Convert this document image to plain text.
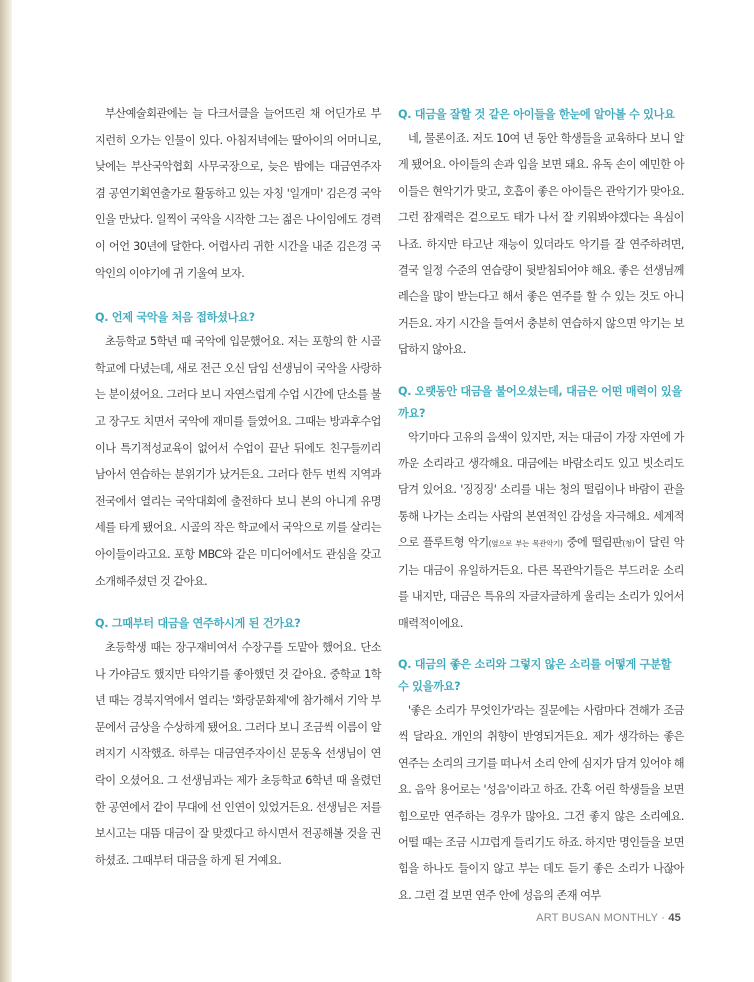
부산예술회관에는 늘 다크서클을 늘어뜨린 채 어딘가로 부지런히 오가는 인물이 있다. 아침저녁에는 딸아이의 어머니로, 낮에는 부산국악협회 사무국장으로, 늦은 밤에는 대금연주자 겸 공연기획연출가로 활동하고 있는 자칭 '일개미' 김은경 국악인을 만났다. 일찍이 국악을 시작한 그는 젊은 나이임에도 경력이 어언 30년에 달한다. 어렵사리 귀한 시간을 내준 김은경 국악인의 이야기에 귀 기울여 보자.

Q. 언제 국악을 처음 접하셨나요?

초등학교 5학년 때 국악에 입문했어요. 저는 포항의 한 시골 학교에 다녔는데, 새로 전근 오신 담임 선생님이 국악을 사랑하는 분이셨어요. 그러다 보니 자연스럽게 수업 시간에 단소를 불고 장구도 치면서 국악에 재미를 들였어요. 그때는 방과후수업이나 특기적성교육이 없어서 수업이 끝난 뒤에도 친구들끼리 남아서 연습하는 분위기가 났거든요. 그러다 한두 번씩 지역과 전국에서 열리는 국악대회에 출전하다 보니 본의 아니게 유명세를 타게 됐어요. 시골의 작은 학교에서 국악으로 끼를 살리는 아이들이라고요. 포항 MBC와 같은 미디어에서도 관심을 갖고 소개해주셨던 것 같아요.

Q. 그때부터 대금을 연주하시게 된 건가요?

초등학생 때는 장구재비여서 수장구를 도맡아 했어요. 단소나 가야금도 했지만 타악기를 좋아했던 것 같아요. 중학교 1학년 때는 경북지역에서 열리는 '화랑문화제'에 참가해서 기악 부문에서 금상을 수상하게 됐어요. 그러다 보니 조금씩 이름이 알려지기 시작했죠. 하루는 대금연주자이신 문동옥 선생님이 연락이 오셨어요. 그 선생님과는 제가 초등학교 6학년 때 올렸던 한 공연에서 같이 무대에 선 인연이 있었거든요. 선생님은 저를 보시고는 대뜸 대금이 잘 맞겠다고 하시면서 전공해볼 것을 권하셨죠. 그때부터 대금을 하게 된 거예요.

Q. 대금을 잘할 것 같은 아이들을 한눈에 알아볼 수 있나요

네, 물론이죠. 저도 10여 년 동안 학생들을 교육하다 보니 알게 됐어요. 아이들의 손과 입을 보면 돼요. 유독 손이 예민한 아이들은 현악기가 맞고, 호흡이 좋은 아이들은 관악기가 맞아요. 그런 잠재력은 겉으로도 태가 나서 잘 키워봐야겠다는 욕심이 나죠. 하지만 타고난 재능이 있더라도 악기를 잘 연주하려면, 결국 일정 수준의 연습량이 뒷받침되어야 해요. 좋은 선생님께 레슨을 많이 받는다고 해서 좋은 연주를 할 수 있는 것도 아니거든요. 자기 시간을 들여서 충분히 연습하지 않으면 악기는 보답하지 않아요.

Q. 오랫동안 대금을 불어오셨는데, 대금은 어떤 매력이 있을까요?

악기마다 고유의 음색이 있지만, 저는 대금이 가장 자연에 가까운 소리라고 생각해요. 대금에는 바람소리도 있고 빗소리도 담겨 있어요. '징징징' 소리를 내는 청의 떨림이나 바람이 관을 통해 나가는 소리는 사람의 본연적인 감성을 자극해요. 세계적으로 플루트형 악기(옆으로 부는 목관악기) 중에 떨림판(청)이 달린 악기는 대금이 유일하거든요. 다른 목관악기들은 부드러운 소리를 내지만, 대금은 특유의 자글자글하게 울리는 소리가 있어서 매력적이에요.

Q. 대금의 좋은 소리와 그렇지 않은 소리를 어떻게 구분할 수 있을까요?

'좋은 소리가 무엇인가'라는 질문에는 사람마다 견해가 조금씩 달라요. 개인의 취향이 반영되거든요. 제가 생각하는 좋은 연주는 소리의 크기를 떠나서 소리 안에 심지가 담겨 있어야 해요. 음악 용어로는 '성음'이라고 하죠. 간혹 어린 학생들을 보면 힘으로만 연주하는 경우가 많아요. 그건 좋지 않은 소리예요. 어떨 때는 조금 시끄럽게 들리기도 하죠. 하지만 명인들을 보면 힘을 하나도 들이지 않고 부는 데도 듣기 좋은 소리가 나잖아요. 그런 걸 보면 연주 안에 성음의 존재 여부

ART BUSAN MONTHLY · 45
